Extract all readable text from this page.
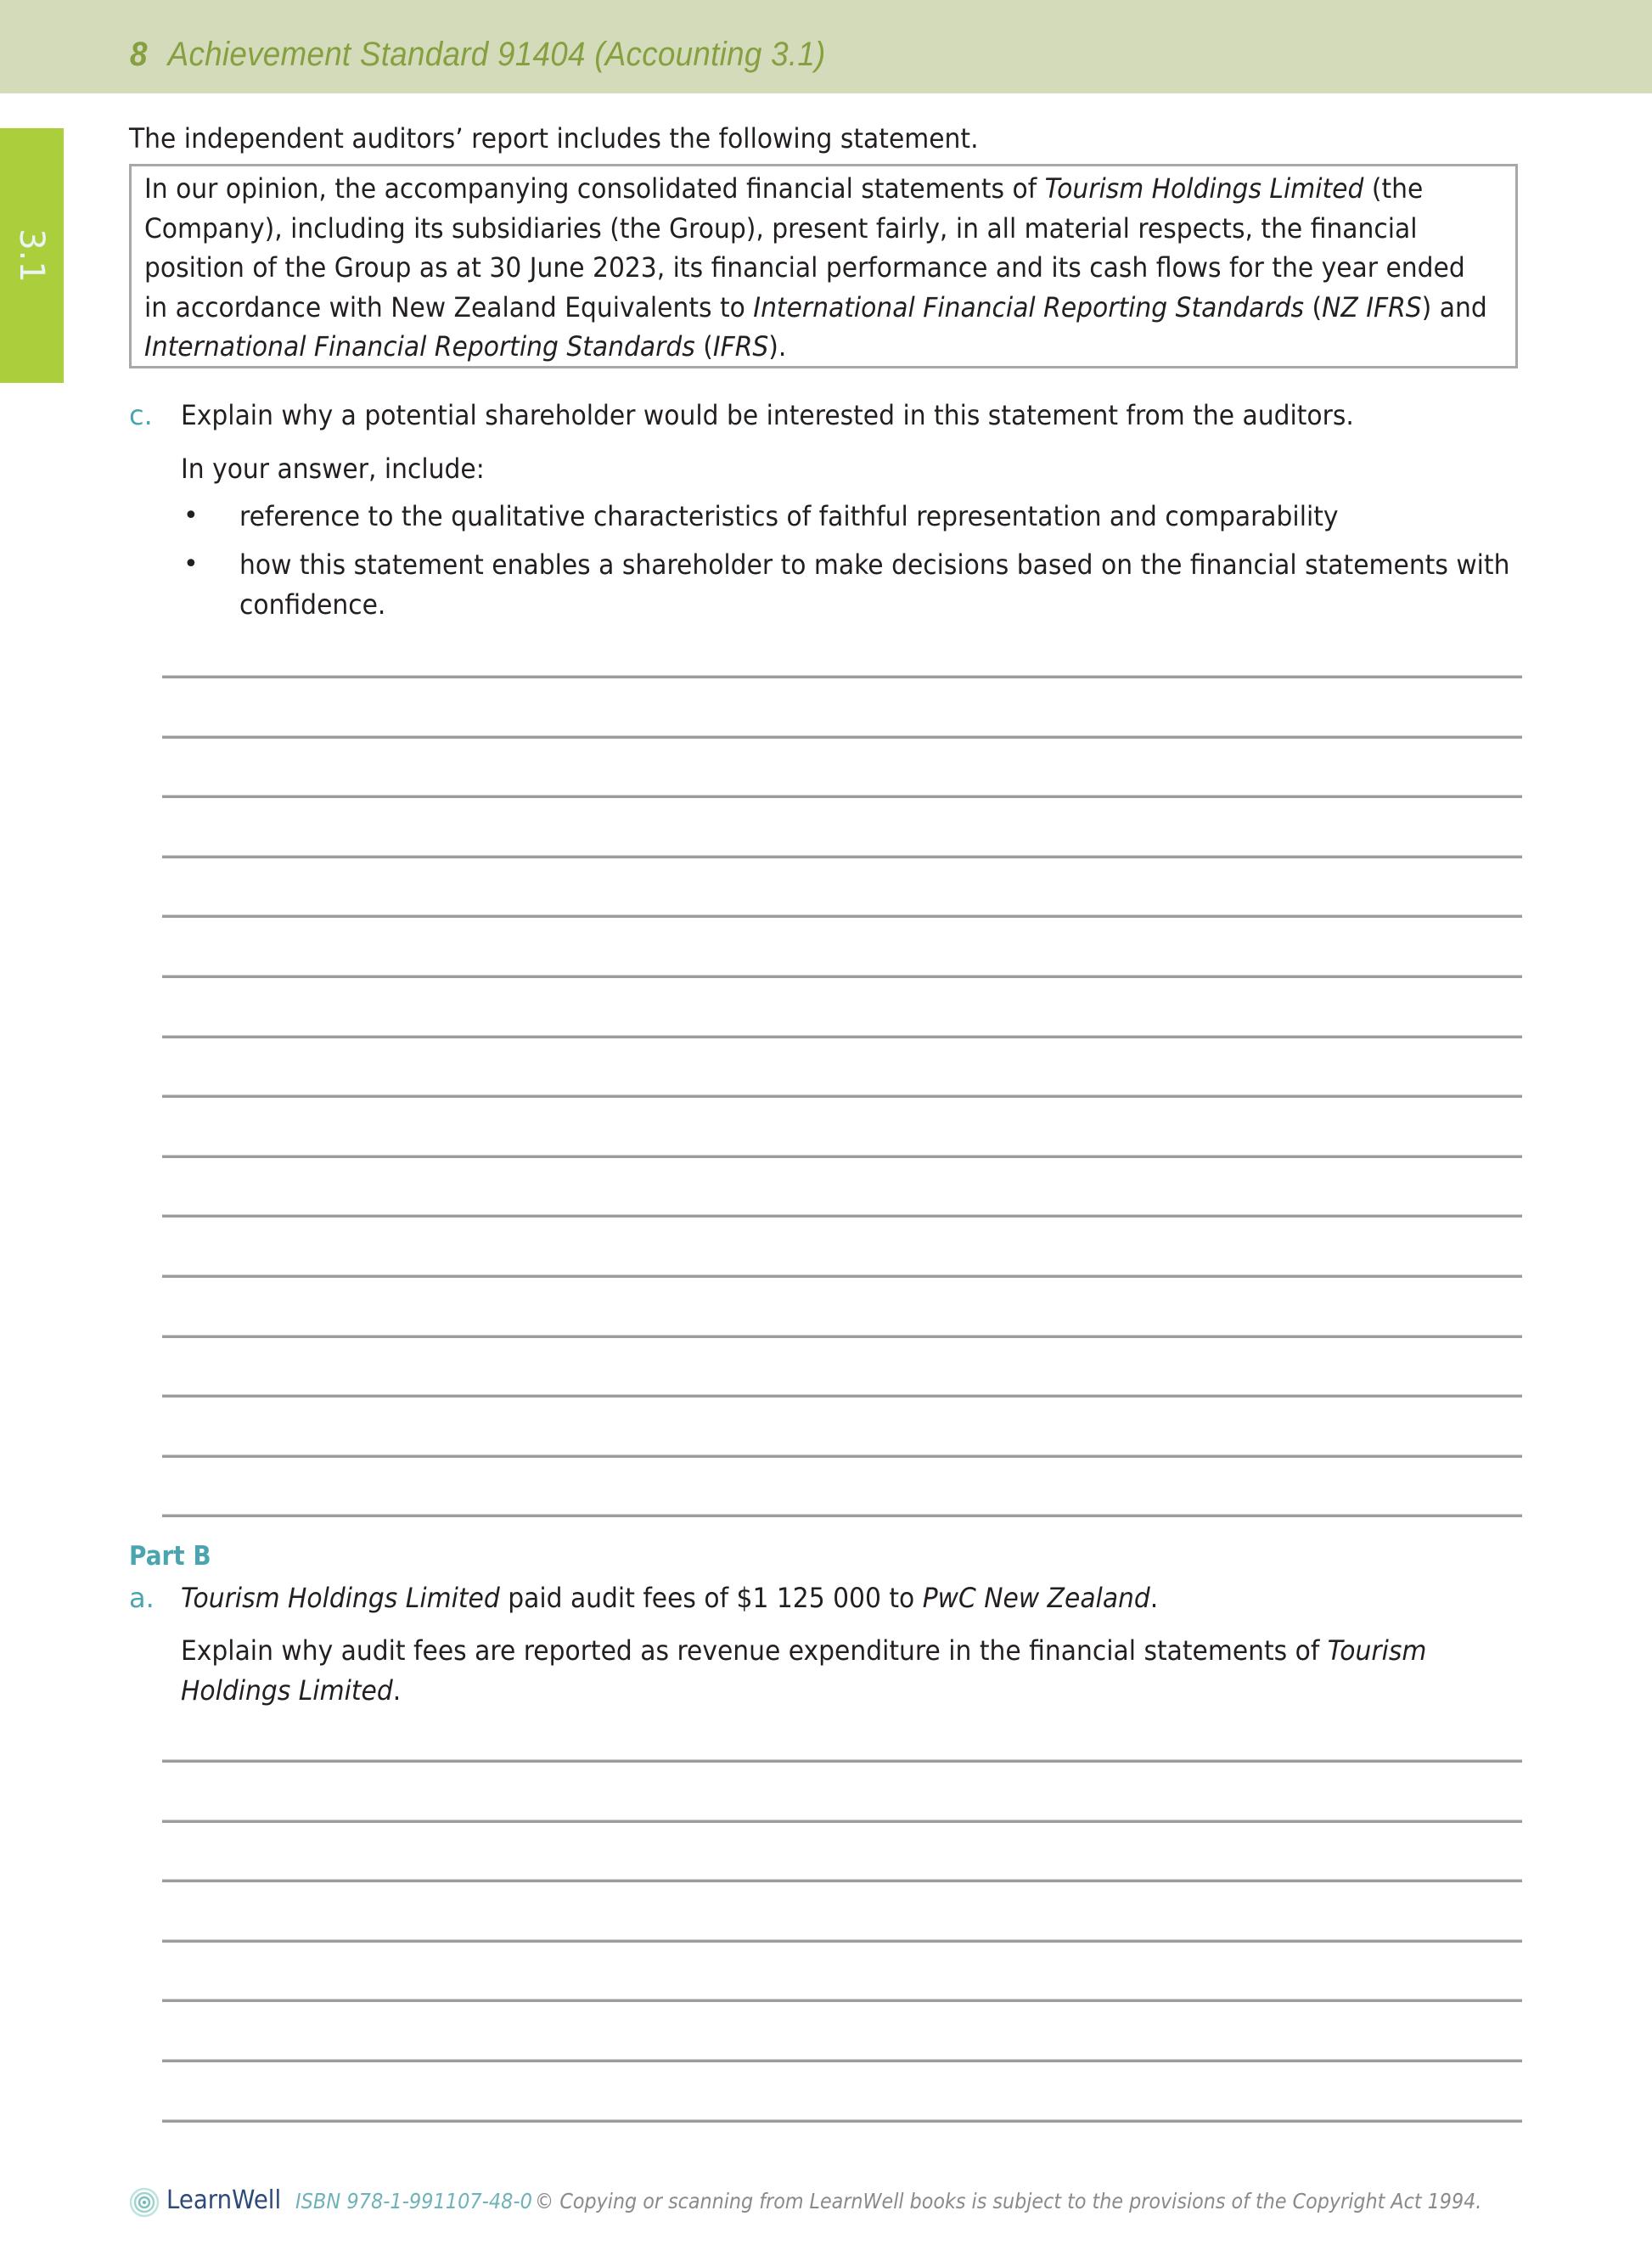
8 Achievement Standard 91404 (Accounting 3.1)
3.1
The independent auditors’ report includes the following statement.
In our opinion, the accompanying consolidated financial statements of Tourism Holdings Limited (the
Company), including its subsidiaries (the Group), present fairly, in all material respects, the financial
position of the Group as at 30 June 2023, its financial performance and its cash flows for the year ended
in accordance with New Zealand Equivalents to International Financial Reporting Standards (NZ IFRS) and
International Financial Reporting Standards (IFRS).
c. Explain why a potential shareholder would be interested in this statement from the auditors.
In your answer, include:
• reference to the qualitative characteristics of faithful representation and comparability
• how this statement enables a shareholder to make decisions based on the financial statements with
confidence.
Part B
a. Tourism Holdings Limited paid audit fees of $1 125 000 to PwC New Zealand.
Explain why audit fees are reported as revenue expenditure in the financial statements of Tourism
Holdings Limited.
LearnWell ISBN 978-1-991107-48-0 © Copying or scanning from LearnWell books is subject to the provisions of the Copyright Act 1994.
